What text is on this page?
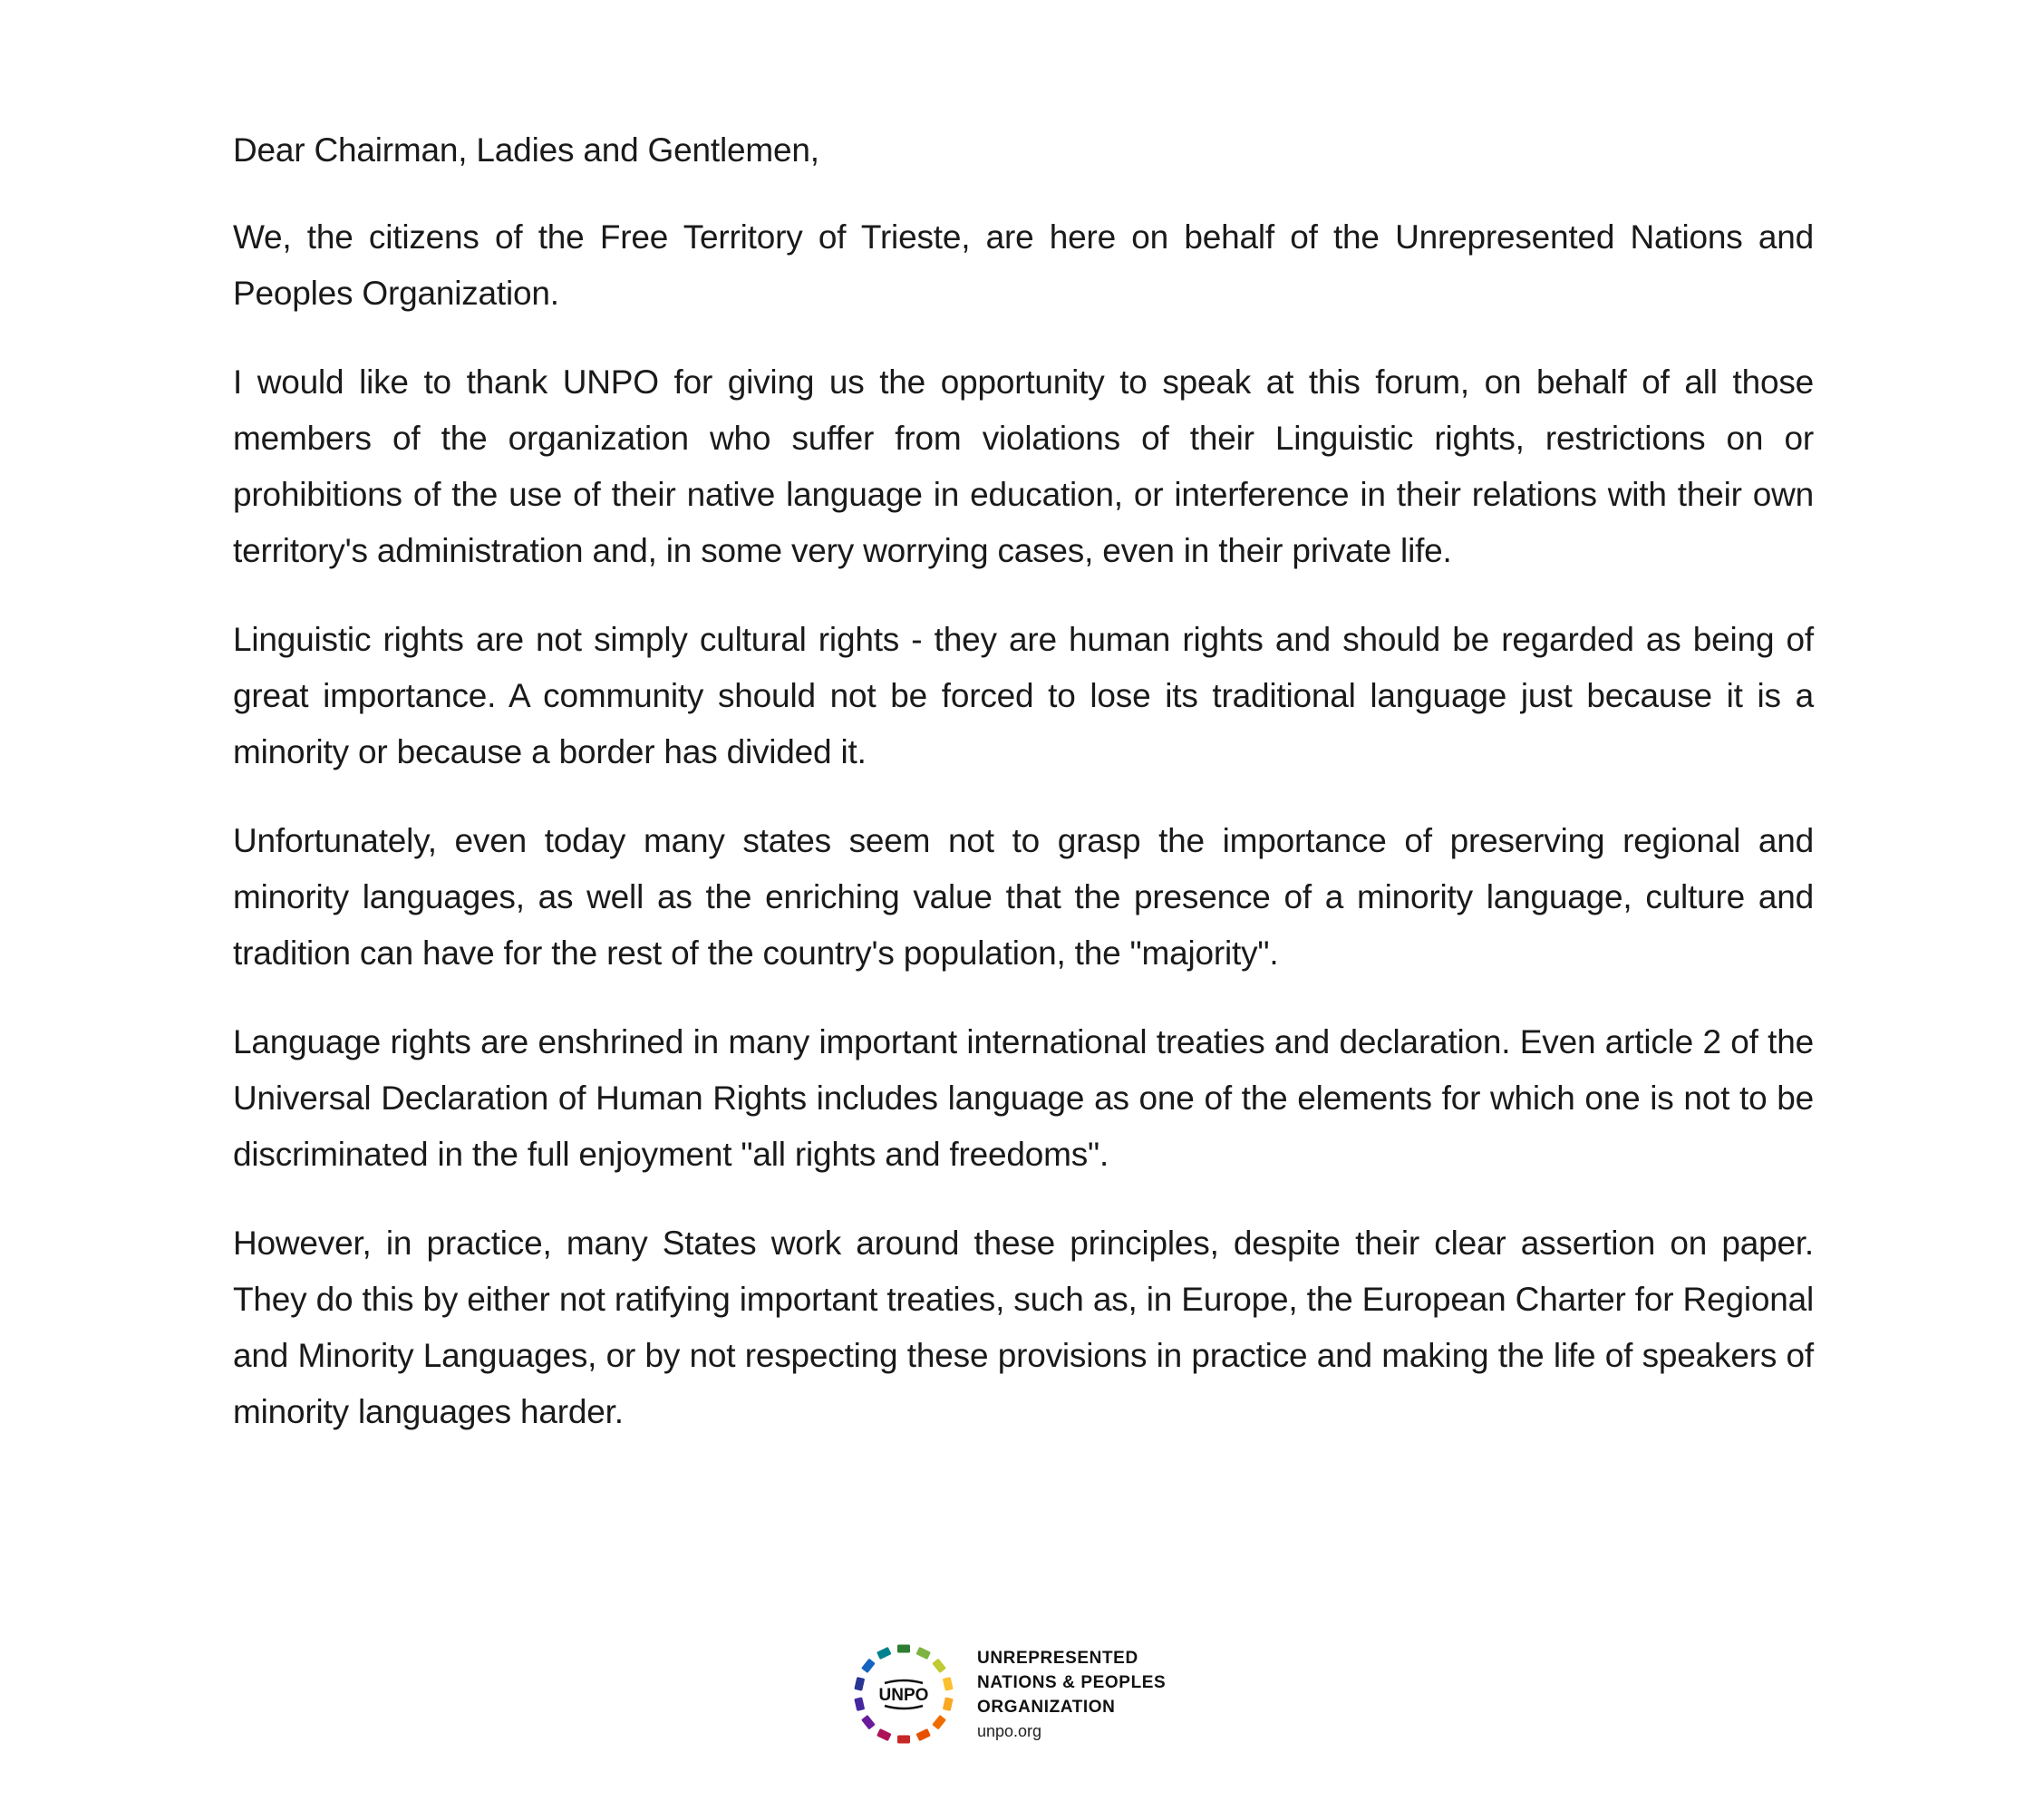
Dear Chairman, Ladies and Gentlemen,

We, the citizens of the Free Territory of Trieste, are here on behalf of the Unrepresented Nations and Peoples Organization.

I would like to thank UNPO for giving us the opportunity to speak at this forum, on behalf of all those members of the organization who suffer from violations of their Linguistic rights, restrictions on or prohibitions of the use of their native language in education, or interference in their relations with their own territory's administration and, in some very worrying cases, even in their private life.

Linguistic rights are not simply cultural rights - they are human rights and should be regarded as being of great importance. A community should not be forced to lose its traditional language just because it is a minority or because a border has divided it.

Unfortunately, even today many states seem not to grasp the importance of preserving regional and minority languages, as well as the enriching value that the presence of a minority language, culture and tradition can have for the rest of the country's population, the "majority".

Language rights are enshrined in many important international treaties and declaration. Even article 2 of the Universal Declaration of Human Rights includes language as one of the elements for which one is not to be discriminated in the full enjoyment "all rights and freedoms".

However, in practice, many States work around these principles, despite their clear assertion on paper. They do this by either not ratifying important treaties, such as, in Europe, the European Charter for Regional and Minority Languages, or by not respecting these provisions in practice and making the life of speakers of minority languages harder.

UNPO
UNREPRESENTED
NATIONS & PEOPLES
ORGANIZATION
unpo.org
